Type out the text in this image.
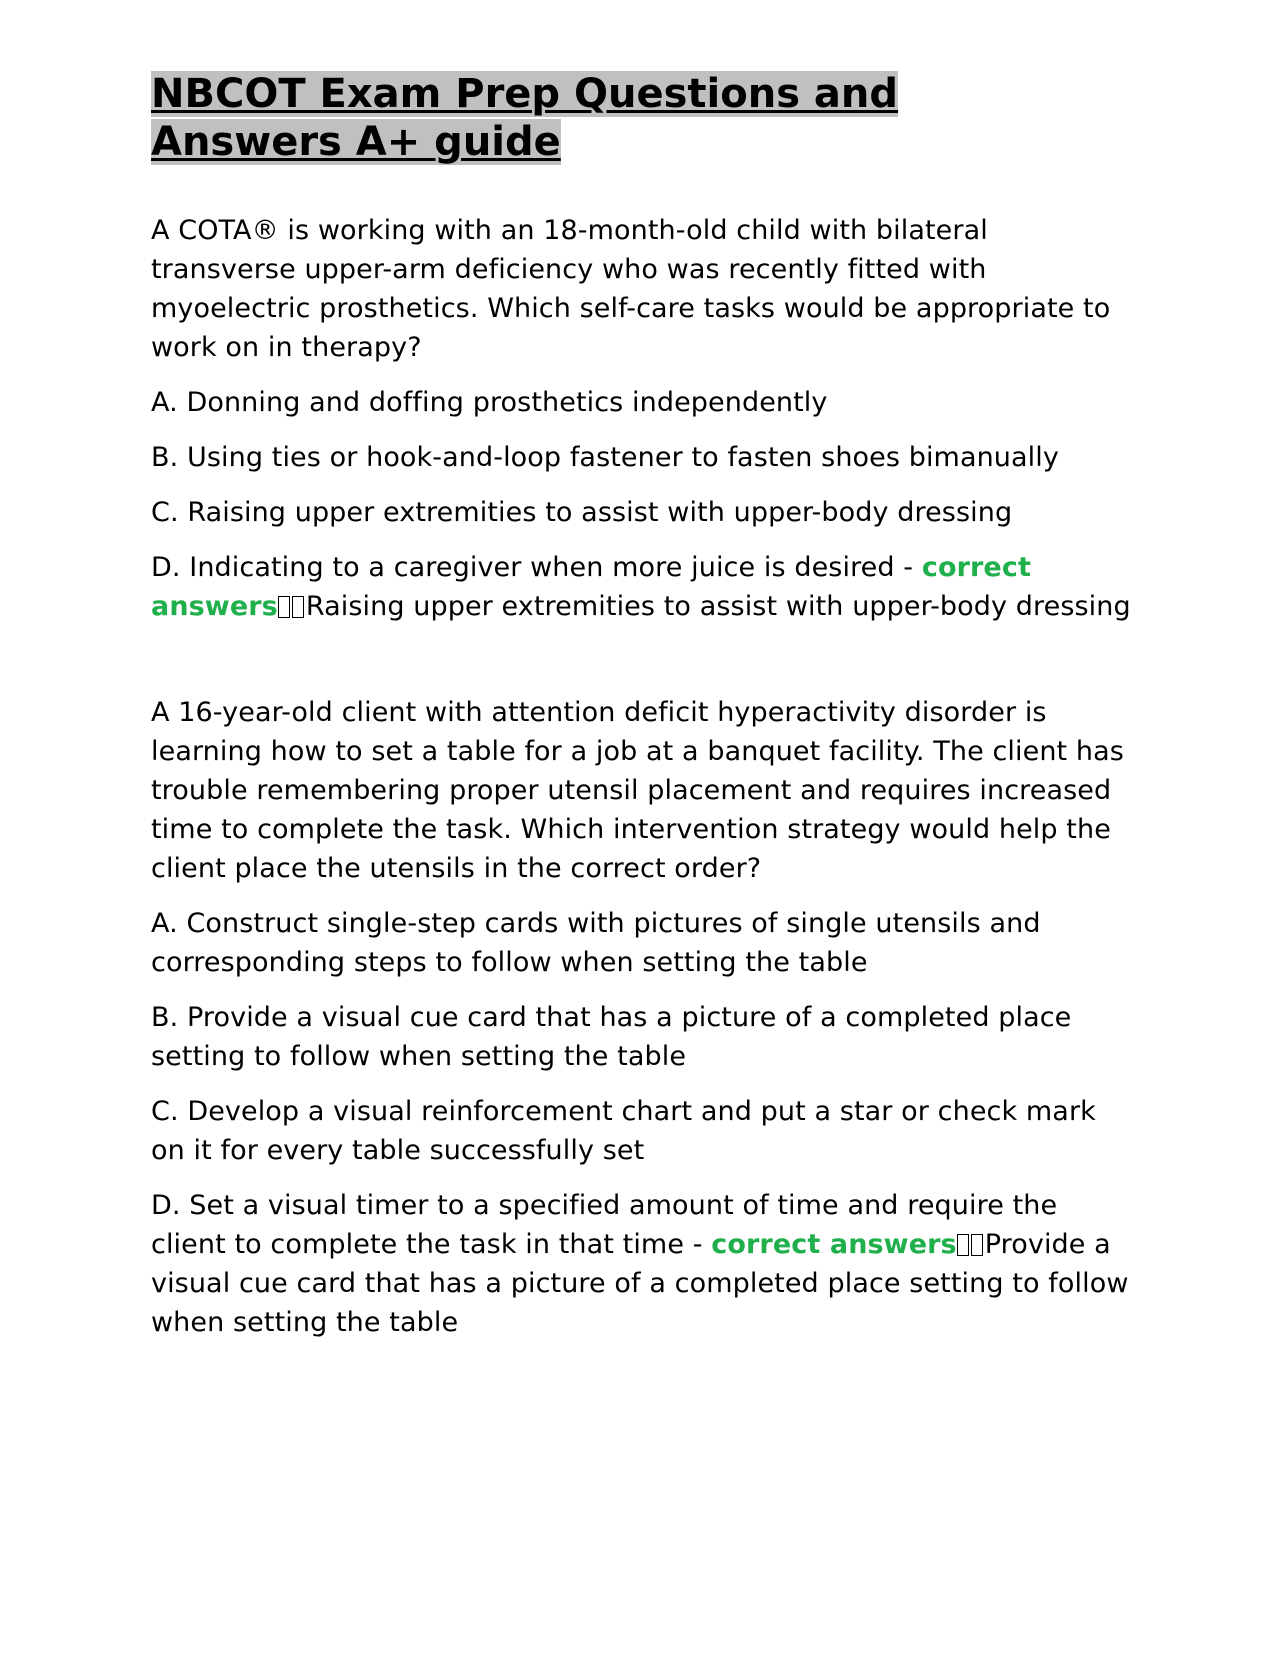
NBCOT Exam Prep Questions and
Answers A+ guide

A COTA® is working with an 18-month-old child with bilateral transverse upper-arm deficiency who was recently fitted with myoelectric prosthetics. Which self-care tasks would be appropriate to work on in therapy?

A. Donning and doffing prosthetics independently

B. Using ties or hook-and-loop fastener to fasten shoes bimanually

C. Raising upper extremities to assist with upper-body dressing

D. Indicating to a caregiver when more juice is desired - correct answers Raising upper extremities to assist with upper-body dressing

A 16-year-old client with attention deficit hyperactivity disorder is learning how to set a table for a job at a banquet facility. The client has trouble remembering proper utensil placement and requires increased time to complete the task. Which intervention strategy would help the client place the utensils in the correct order?

A. Construct single-step cards with pictures of single utensils and corresponding steps to follow when setting the table

B. Provide a visual cue card that has a picture of a completed place setting to follow when setting the table

C. Develop a visual reinforcement chart and put a star or check mark on it for every table successfully set

D. Set a visual timer to a specified amount of time and require the client to complete the task in that time - correct answers Provide a visual cue card that has a picture of a completed place setting to follow when setting the table
